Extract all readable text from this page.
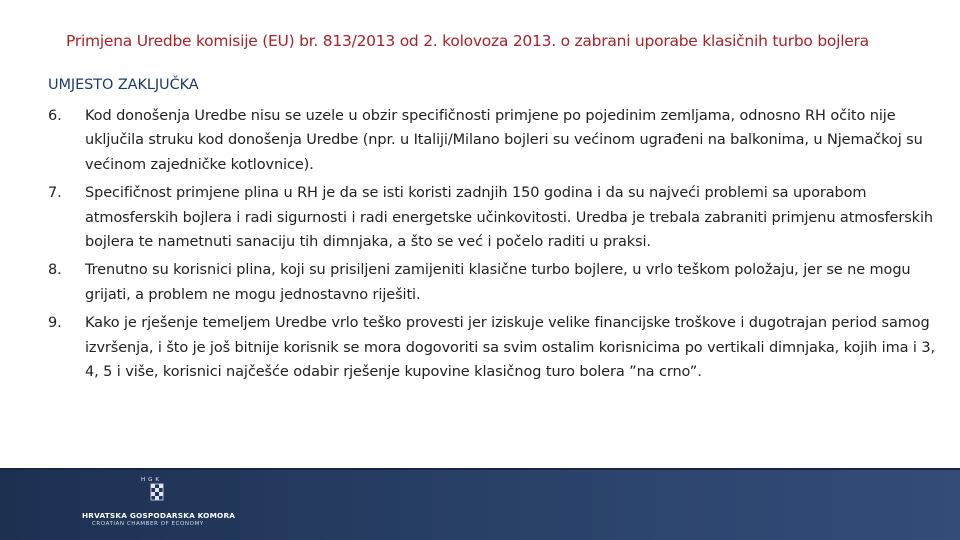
Primjena Uredbe komisije (EU) br. 813/2013 od 2. kolovoza 2013. o zabrani uporabe klasičnih turbo bojlera
UMJESTO ZAKLJUČKA
6.	Kod donošenja Uredbe nisu se uzele u obzir specifičnosti primjene po pojedinim zemljama, odnosno RH očito nije uključila struku kod donošenja Uredbe (npr. u Italiji/Milano bojleri su većinom ugrađeni na balkonima, u Njemačkoj su većinom zajedničke kotlovnice).
7.	Specifičnost primjene plina u RH je da se isti koristi zadnjih 150 godina i da su najveći problemi sa uporabom atmosferskih bojlera i radi sigurnosti i radi energetske učinkovitosti. Uredba je trebala zabraniti primjenu atmosferskih bojlera te nametnuti sanaciju tih dimnjaka, a što se već i počelo raditi u praksi.
8.	Trenutno su korisnici plina, koji su prisiljeni zamijeniti klasične turbo bojlere, u vrlo teškom položaju, jer se ne mogu grijati, a problem ne mogu jednostavno riješiti.
9.	Kako je rješenje temeljem Uredbe vrlo teško provesti jer iziskuje velike financijske troškove i dugotrajan period samog izvršenja, i što je još bitnije korisnik se mora dogovoriti sa svim ostalim korisnicima po vertikali dimnjaka, kojih ima i 3, 4, 5 i više, korisnici najčešće odabir rješenje kupovine klasičnog turo bolera ”na crno”.
HGK
HRVATSKA GOSPODARSKA KOMORA
CROATIAN CHAMBER OF ECONOMY
